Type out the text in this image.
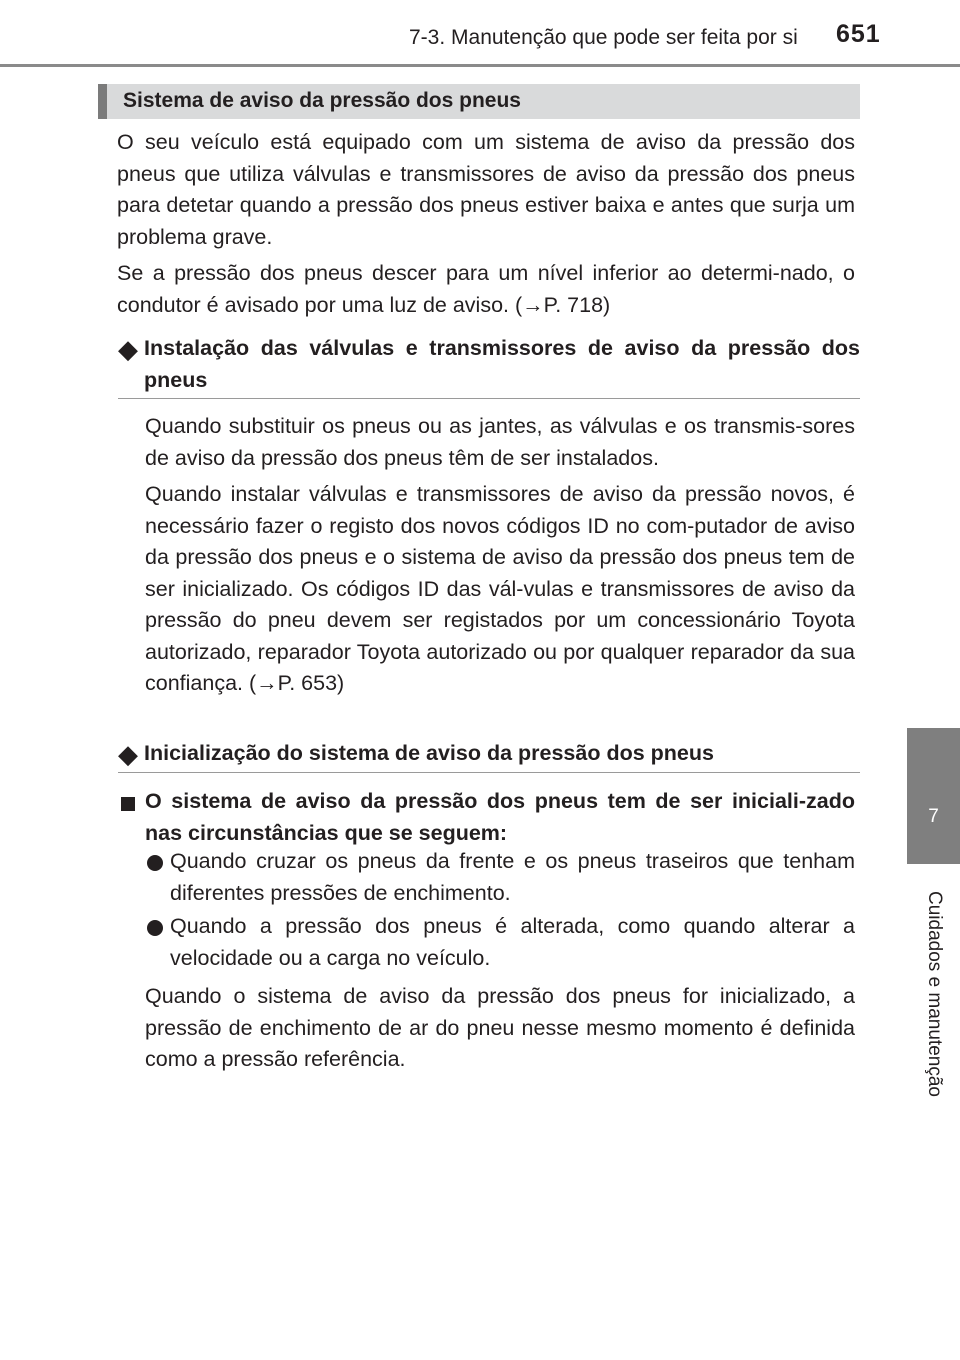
7-3. Manutenção que pode ser feita por si 651
7
Cuidados e manutenção
Sistema de aviso da pressão dos pneus

O seu veículo está equipado com um sistema de aviso da pressão dos pneus que utiliza válvulas e transmissores de aviso da pressão dos pneus para detetar quando a pressão dos pneus estiver baixa e antes que surja um problema grave.

Se a pressão dos pneus descer para um nível inferior ao determi-nado, o condutor é avisado por uma luz de aviso. (→P. 718)

◆ Instalação das válvulas e transmissores de aviso da pressão dos pneus

Quando substituir os pneus ou as jantes, as válvulas e os transmis-sores de aviso da pressão dos pneus têm de ser instalados.

Quando instalar válvulas e transmissores de aviso da pressão novos, é necessário fazer o registo dos novos códigos ID no com-putador de aviso da pressão dos pneus e o sistema de aviso da pressão dos pneus tem de ser inicializado. Os códigos ID das vál-vulas e transmissores de aviso da pressão do pneu devem ser registados por um concessionário Toyota autorizado, reparador Toyota autorizado ou por qualquer reparador da sua confiança. (→P. 653)

◆ Inicialização do sistema de aviso da pressão dos pneus

O sistema de aviso da pressão dos pneus tem de ser iniciali-zado nas circunstâncias que se seguem:

Quando cruzar os pneus da frente e os pneus traseiros que tenham diferentes pressões de enchimento.

Quando a pressão dos pneus é alterada, como quando alterar a velocidade ou a carga no veículo.

Quando o sistema de aviso da pressão dos pneus for inicializado, a pressão de enchimento de ar do pneu nesse mesmo momento é definida como a pressão referência.
